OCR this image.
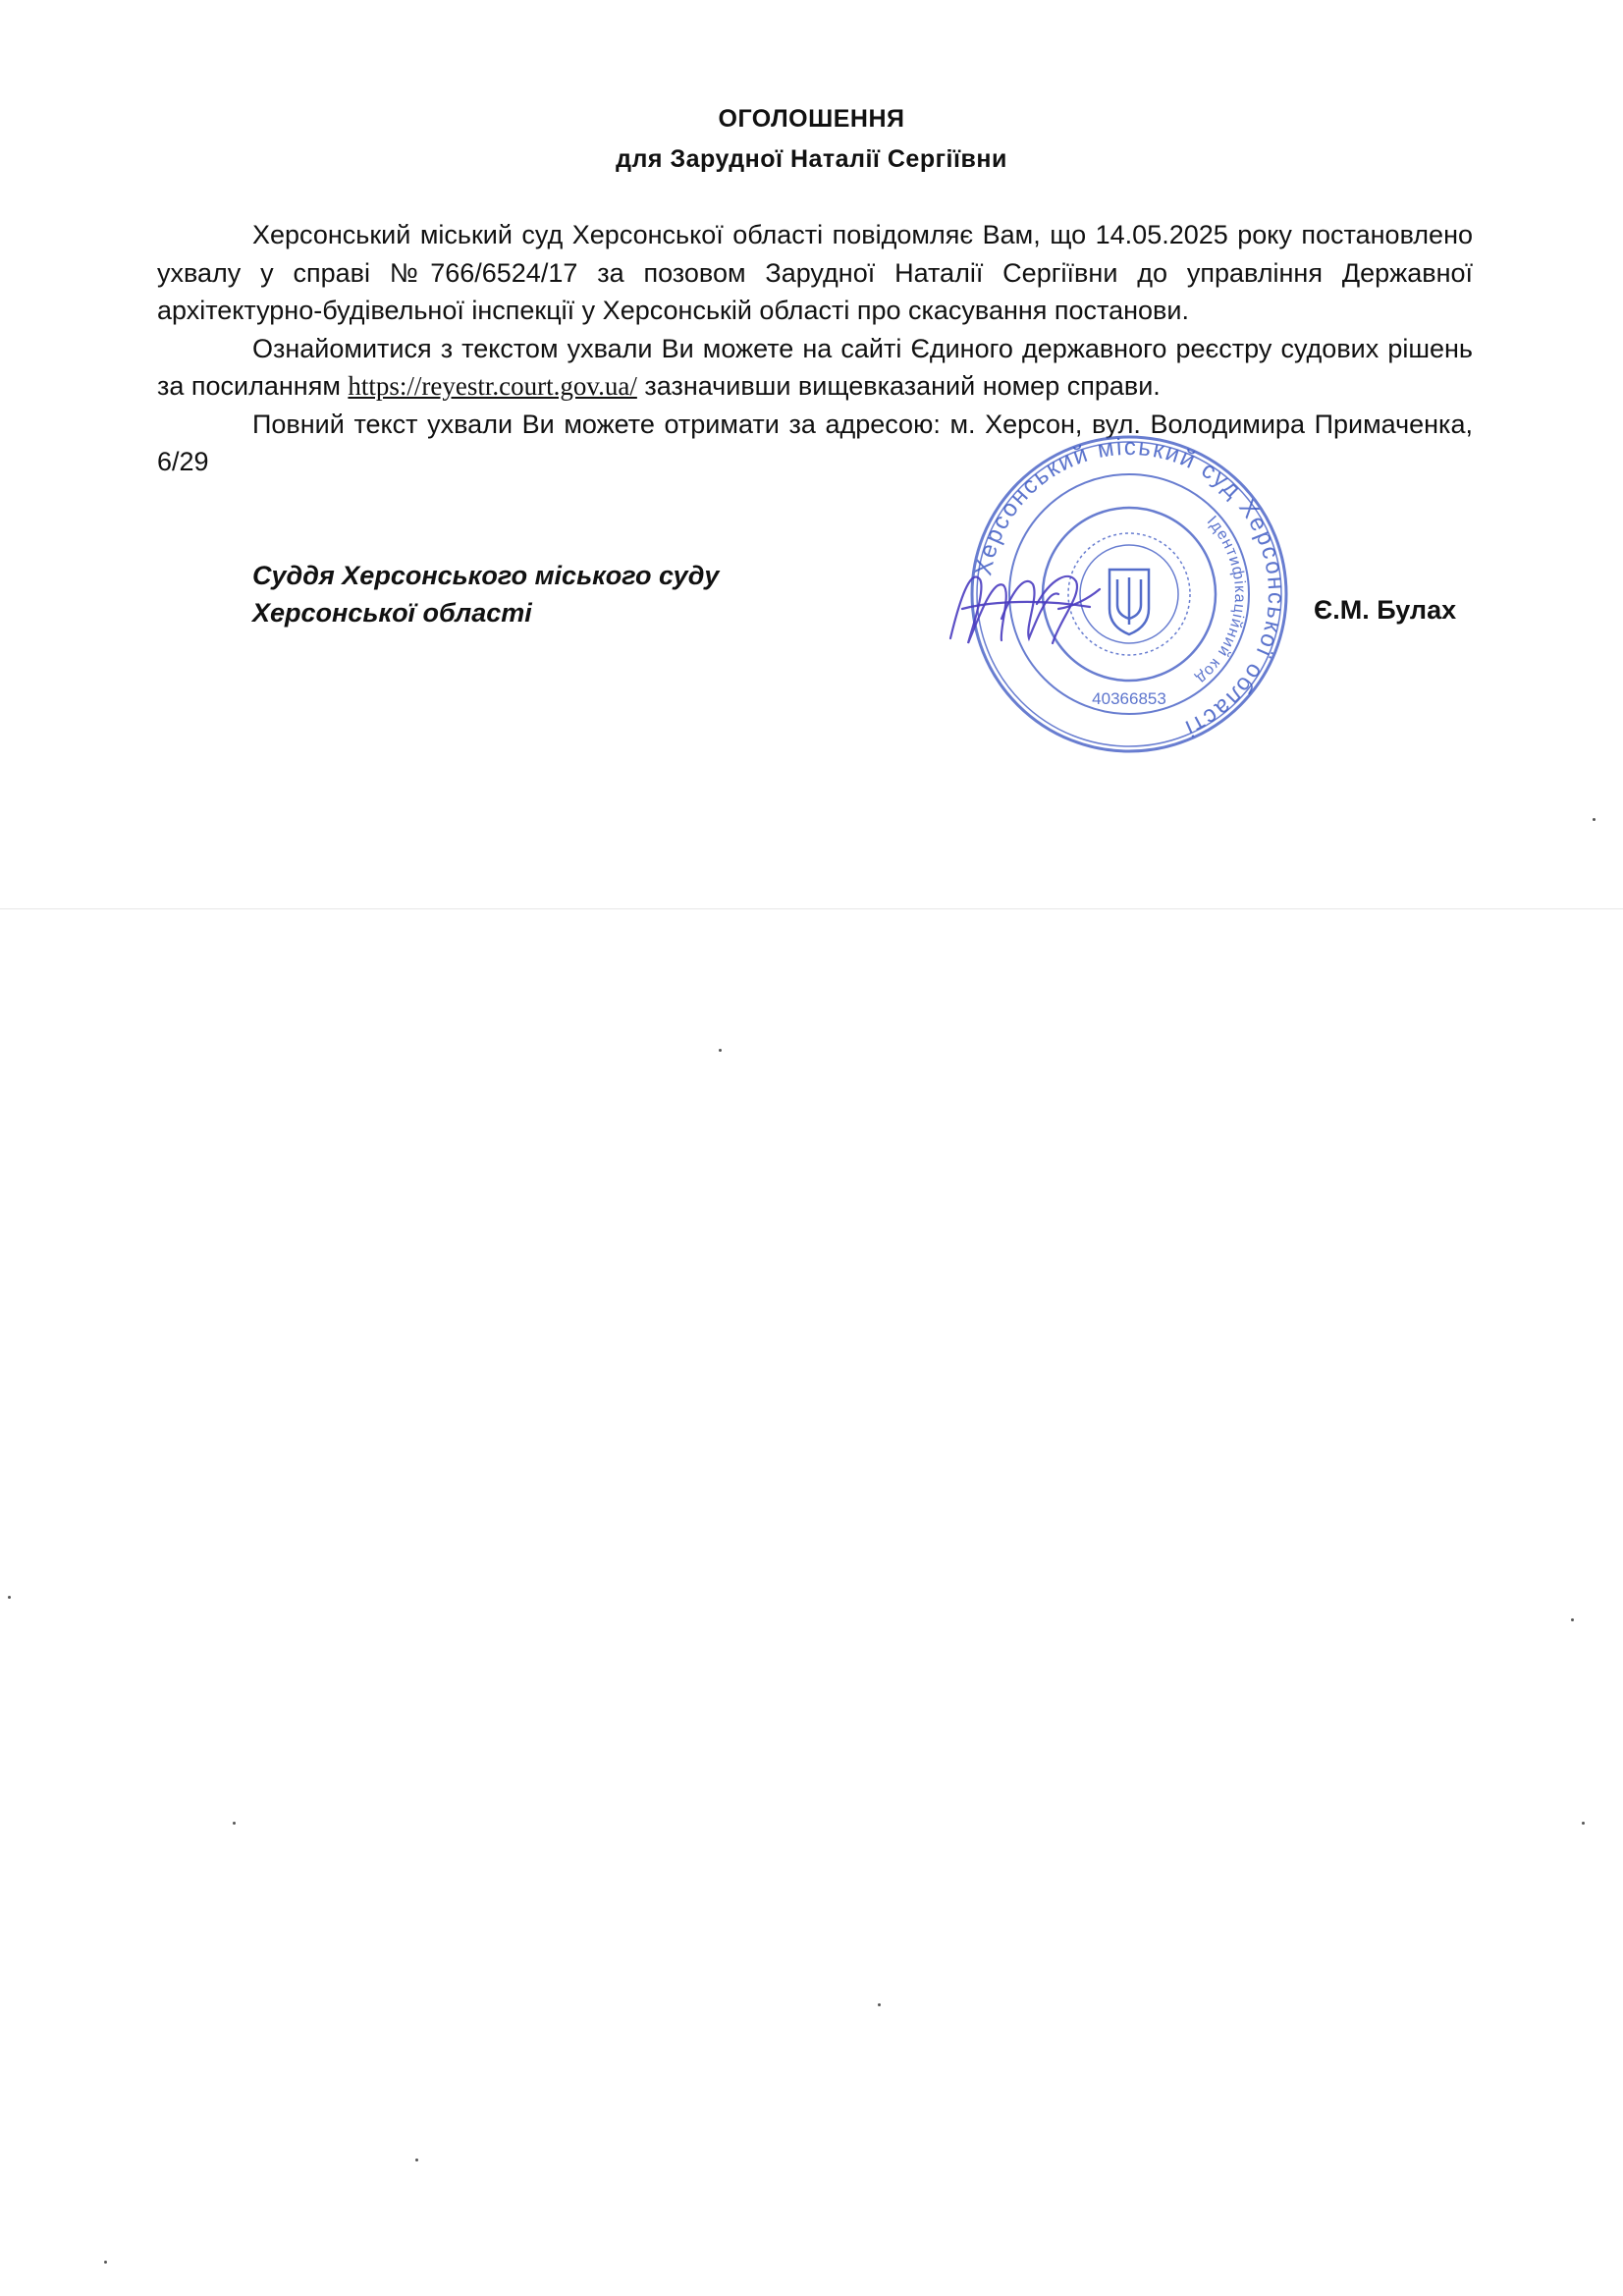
ОГОЛОШЕННЯ
для Зарудної Наталії Сергіївни

Херсонський міський суд Херсонської області повідомляє Вам, що 14.05.2025 року постановлено ухвалу у справі №766/6524/17 за позовом Зарудної Наталії Сергіївни до управління Державної архітектурно-будівельної інспекції у Херсонській області про скасування постанови.

Ознайомитися з текстом ухвали Ви можете на сайті Єдиного державного реєстру судових рішень за посиланням https://reyestr.court.gov.ua/ зазначивши вищевказаний номер справи.

Повний текст ухвали Ви можете отримати за адресою: м. Херсон, вул. Володимира Примаченка, 6/29

Херсонський міський суд Херсонської області
Ідентифікаційний код
40366853
Суддя Херсонського міського суду
Херсонської області	Є.М. Булах
